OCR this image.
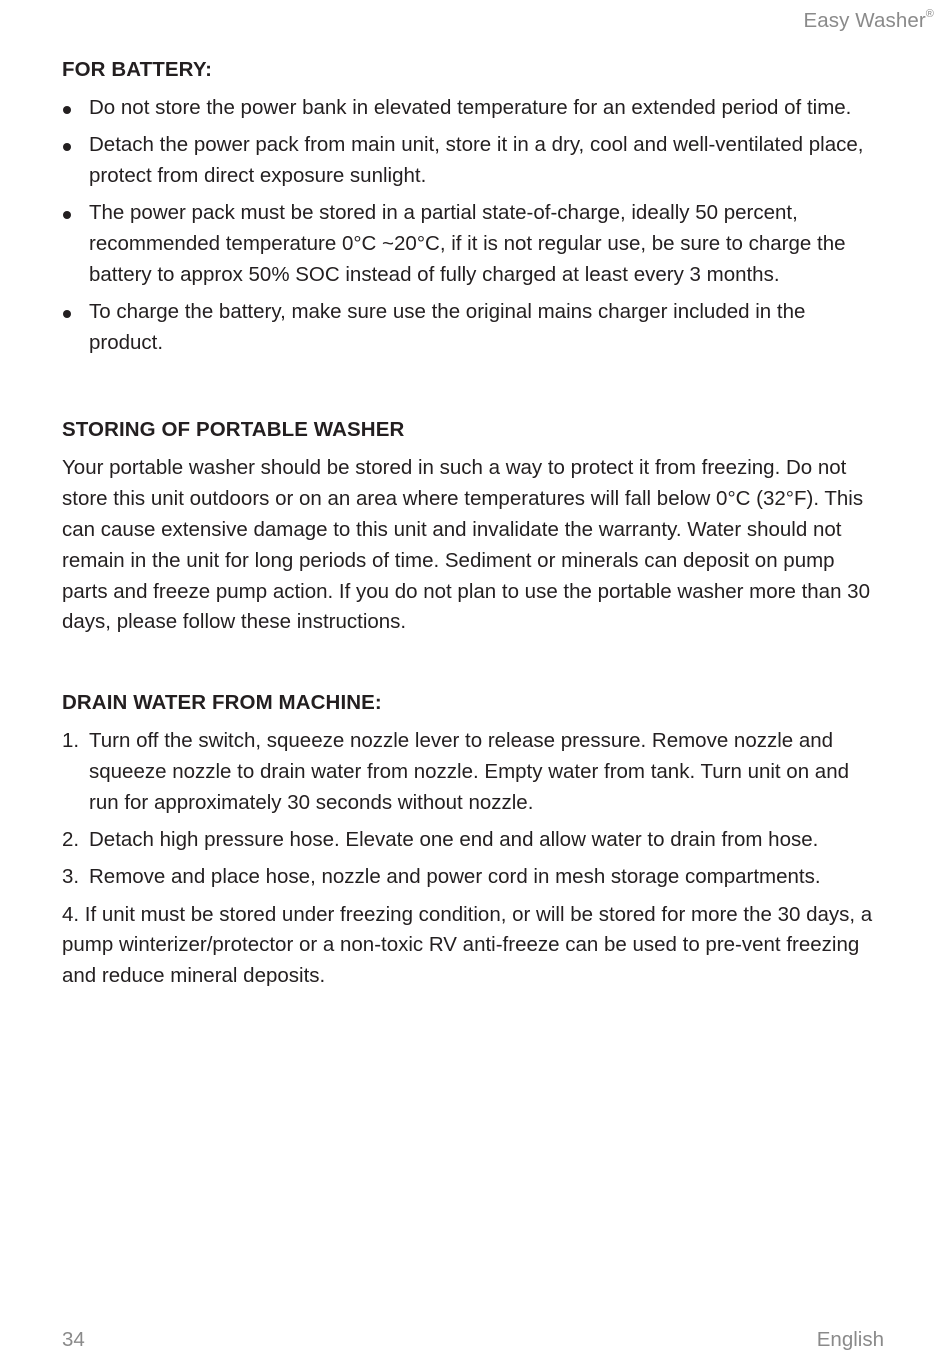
Easy Washer®
FOR BATTERY:
Do not store the power bank in elevated temperature for an extended period of time.
Detach the power pack from main unit, store it in a dry, cool and well-ventilated place, protect from direct exposure sunlight.
The power pack must be stored in a partial state-of-charge, ideally 50 percent, recommended temperature 0°C ~20°C, if it is not regular use, be sure to charge the battery to approx 50% SOC instead of fully charged at least every 3 months.
To charge the battery, make sure use the original mains charger included in the product.
STORING OF PORTABLE WASHER

Your portable washer should be stored in such a way to protect it from freezing. Do not store this unit outdoors or on an area where temperatures will fall below 0°C (32°F). This can cause extensive damage to this unit and invalidate the warranty. Water should not remain in the unit for long periods of time. Sediment or minerals can deposit on pump parts and freeze pump action. If you do not plan to use the portable washer more than 30 days, please follow these instructions.

DRAIN WATER FROM MACHINE:
1. Turn off the switch, squeeze nozzle lever to release pressure. Remove nozzle and squeeze nozzle to drain water from nozzle. Empty water from tank. Turn unit on and run for approximately 30 seconds without nozzle.
2. Detach high pressure hose. Elevate one end and allow water to drain from hose.
3. Remove and place hose, nozzle and power cord in mesh storage compartments.

4. If unit must be stored under freezing condition, or will be stored for more the 30 days, a pump winterizer/protector or a non-toxic RV anti-freeze can be used to pre-vent freezing and reduce mineral deposits.

34	English
